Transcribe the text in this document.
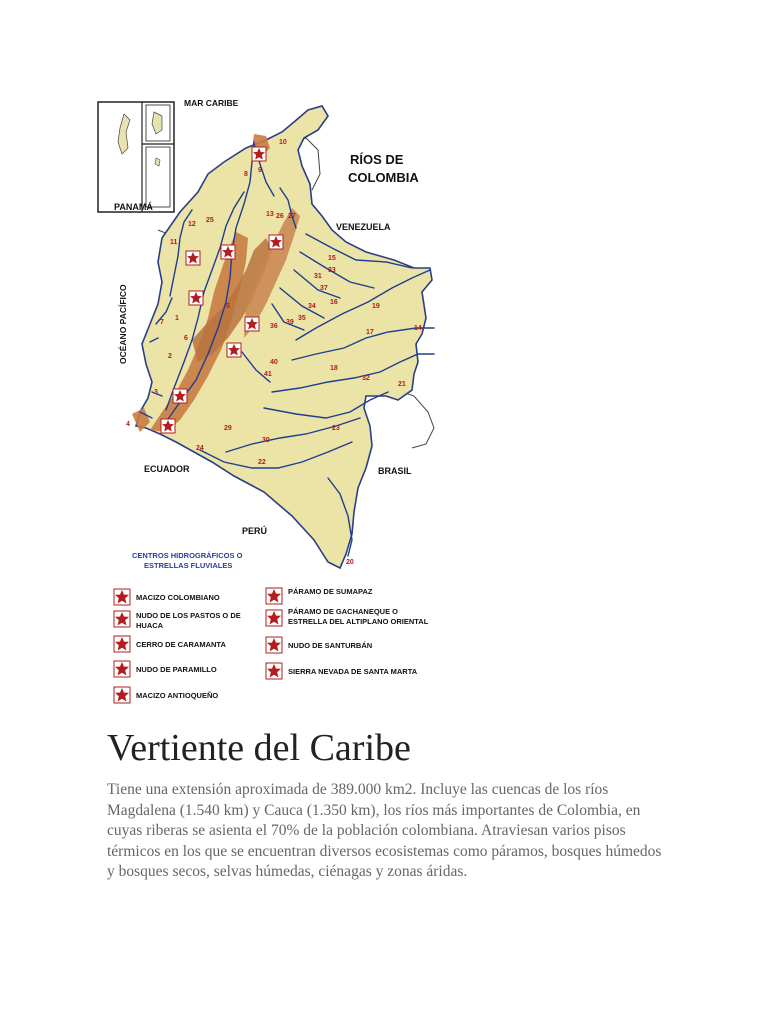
1
2
3
4
5
6
7
8
9
10
11
12
13
14
15
16
17
18
19
20
21
22
23
24
25
26 27
29
30
31
32
33
34
35
36
37
39
40
41
MAR CARIBE
RÍOS DE
COLOMBIA
PANAMÁ
VENEZUELA
OCÉANO PACÍFICO
ECUADOR	BRASIL
PERÚ
CENTROS HIDROGRÁFICOS O
ESTRELLAS FLUVIALES
MACIZO COLOMBIANO
NUDO DE LOS PASTOS O DE
HUACA
CERRO DE CARAMANTA
NUDO DE PARAMILLO
MACIZO ANTIOQUEÑO
PÁRAMO DE SUMAPAZ
PÁRAMO DE GACHANEQUE O
ESTRELLA DEL ALTIPLANO ORIENTAL
NUDO DE SANTURBÁN
SIERRA NEVADA DE SANTA MARTA
Vertiente del Caribe

Tiene una extensión aproximada de 389.000 km2. Incluye las cuencas de los ríos Magdalena (1.540 km) y Cauca (1.350 km), los ríos más importantes de Colombia, en cuyas riberas se asienta el 70% de la población colombiana. Atraviesan varios pisos térmicos en los que se encuentran diversos ecosistemas como páramos, bosques húmedos y bosques secos, selvas húmedas, ciénagas y zonas áridas.
